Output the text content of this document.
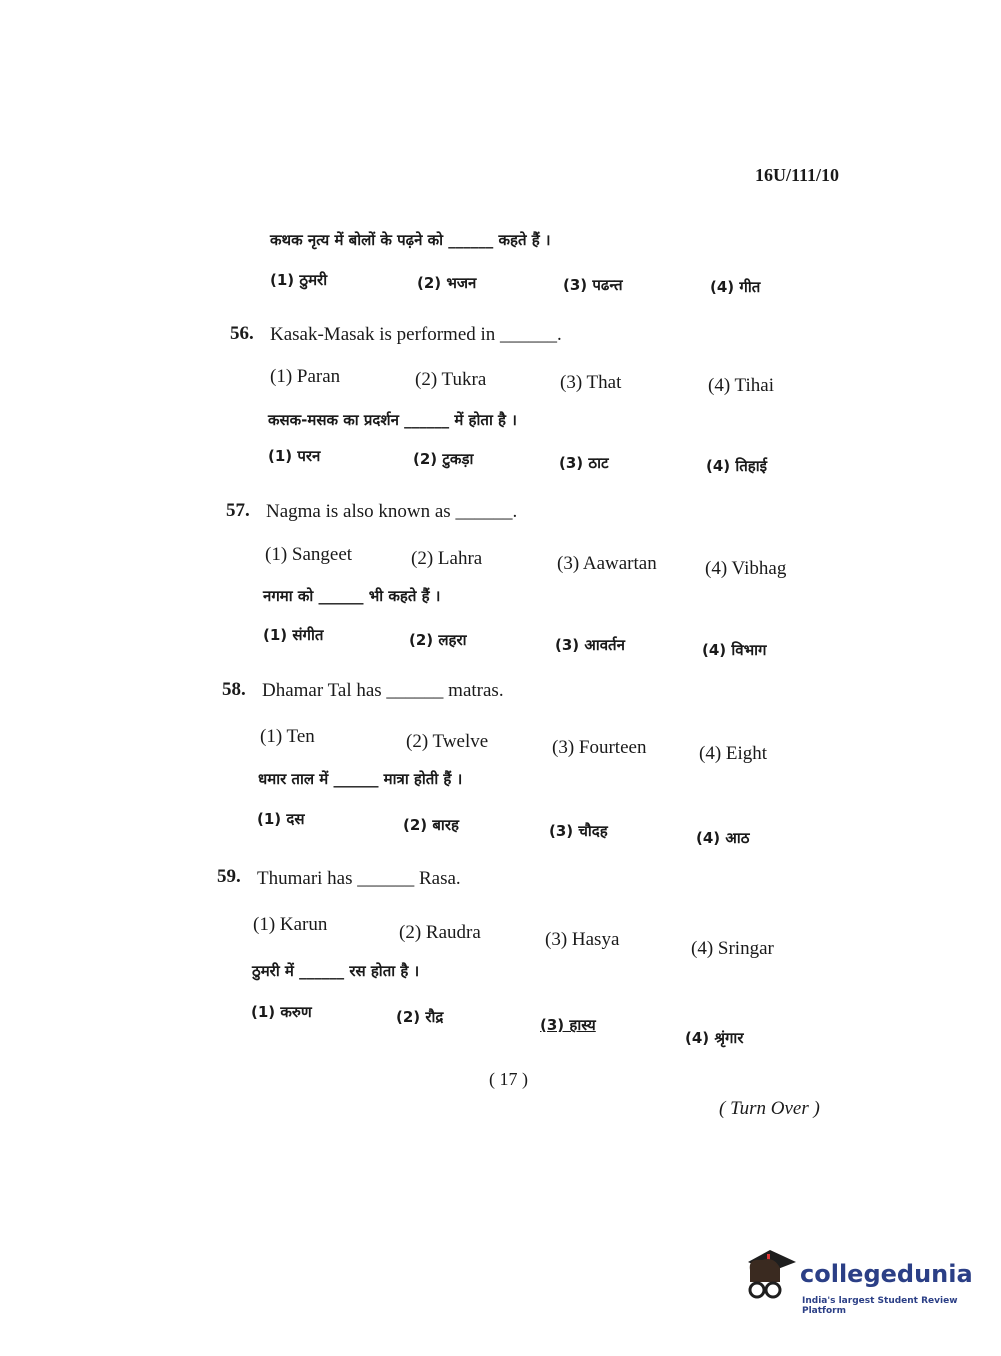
16U/111/10
कथक नृत्य में बोलों के पढ़ने को ______ कहते हैं ।
(1) ठुमरी	(2) भजन	(3) पढन्त	(4) गीत
56. Kasak-Masak is performed in ______.
(1) Paran	(2) Tukra	(3) That	(4) Tihai
कसक-मसक का प्रदर्शन ______ में होता है ।
(1) परन	(2) टुकड़ा	(3) ठाट	(4) तिहाई
57. Nagma is also known as ______.
(1) Sangeet	(2) Lahra	(3) Aawartan	(4) Vibhag
नगमा को ______ भी कहते हैं ।
(1) संगीत	(2) लहरा	(3) आवर्तन	(4) विभाग
58. Dhamar Tal has ______ matras.
(1) Ten	(2) Twelve	(3) Fourteen	(4) Eight
धमार ताल में ______ मात्रा होती हैं ।
(1) दस	(2) बारह	(3) चौदह	(4) आठ
59. Thumari has ______ Rasa.
(1) Karun	(2) Raudra	(3) Hasya	(4) Sringar
ठुमरी में ______ रस होता है ।
(1) करुण	(2) रौद्र	(3) हास्य
(4) श्रृंगार
( 17 )
( Turn Over )
collegedunia
India's largest Student Review Platform
